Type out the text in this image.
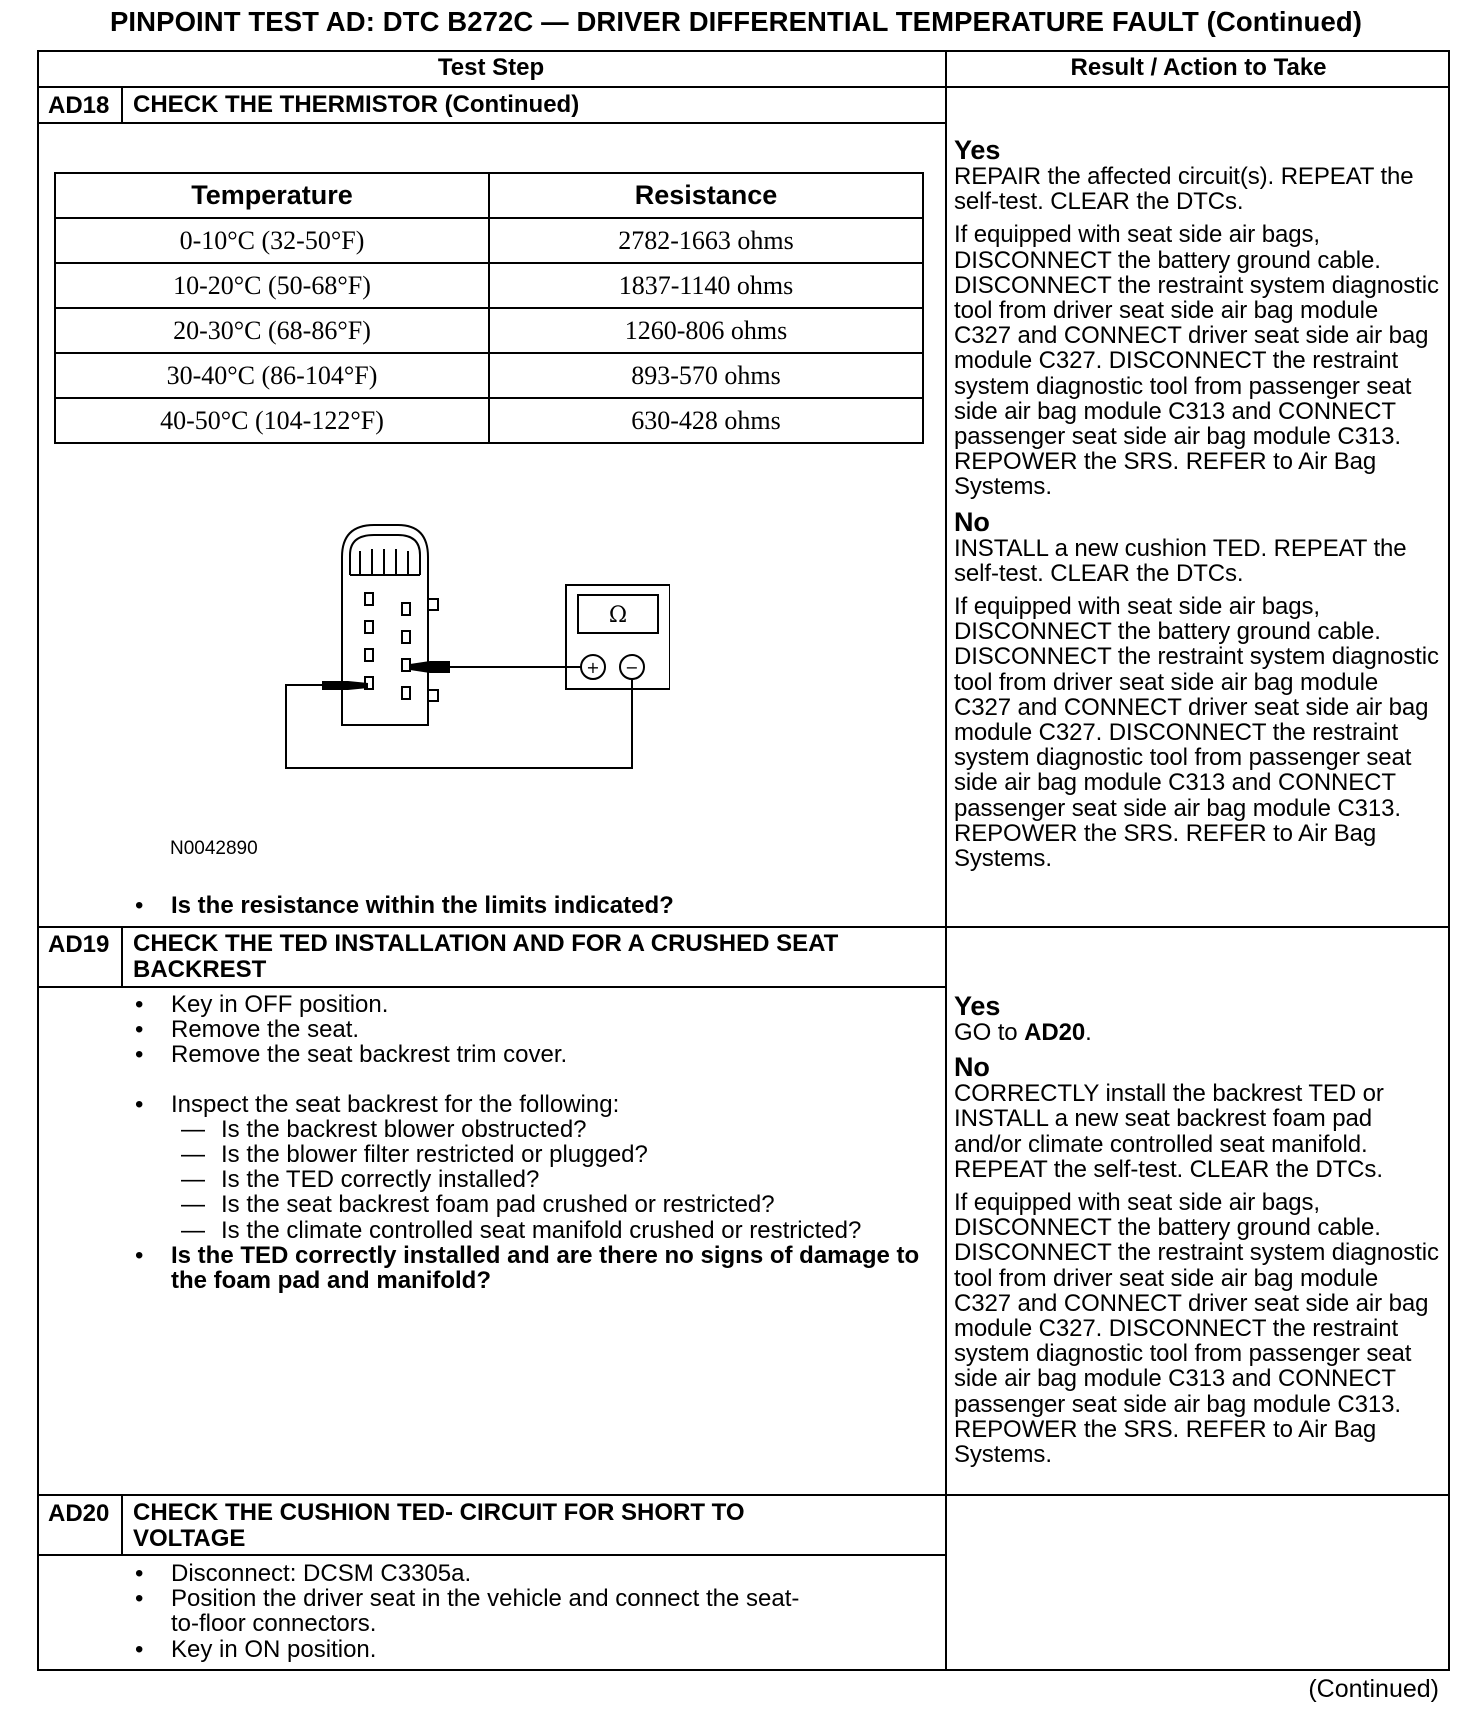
PINPOINT TEST AD: DTC B272C — DRIVER DIFFERENTIAL TEMPERATURE FAULT (Continued)
Test Step	Result / Action to Take
AD18 CHECK THE THERMISTOR (Continued)
Temperature	Resistance
0-10°C (32-50°F)	2782-1663 ohms
10-20°C (50-68°F)	1837-1140 ohms
20-30°C (68-86°F)	1260-806 ohms
30-40°C (86-104°F)	893-570 ohms
40-50°C (104-122°F)	630-428 ohms
Ω
+ −
N0042890
• Is the resistance within the limits indicated?
Yes

REPAIR the affected circuit(s). REPEAT the self-test. CLEAR the DTCs.

If equipped with seat side air bags, DISCONNECT the battery ground cable. DISCONNECT the restraint system diagnostic tool from driver seat side air bag module C327 and CONNECT driver seat side air bag module C327. DISCONNECT the restraint system diagnostic tool from passenger seat side air bag module C313 and CONNECT passenger seat side air bag module C313. REPOWER the SRS. REFER to Air Bag Systems.

No

INSTALL a new cushion TED. REPEAT the self-test. CLEAR the DTCs.

If equipped with seat side air bags, DISCONNECT the battery ground cable. DISCONNECT the restraint system diagnostic tool from driver seat side air bag module C327 and CONNECT driver seat side air bag module C327. DISCONNECT the restraint system diagnostic tool from passenger seat side air bag module C313 and CONNECT passenger seat side air bag module C313. REPOWER the SRS. REFER to Air Bag Systems.

AD19 CHECK THE TED INSTALLATION AND FOR A CRUSHED SEAT BACKREST
• Key in OFF position.
• Remove the seat.
• Remove the seat backrest trim cover.
• Inspect the seat backrest for the following:
— Is the backrest blower obstructed?
— Is the blower filter restricted or plugged?
— Is the TED correctly installed?
— Is the seat backrest foam pad crushed or restricted?
— Is the climate controlled seat manifold crushed or restricted?
• Is the TED correctly installed and are there no signs of damage to the foam pad and manifold?
Yes

GO to AD20.

No

CORRECTLY install the backrest TED or INSTALL a new seat backrest foam pad and/or climate controlled seat manifold. REPEAT the self-test. CLEAR the DTCs.

If equipped with seat side air bags, DISCONNECT the battery ground cable. DISCONNECT the restraint system diagnostic tool from driver seat side air bag module C327 and CONNECT driver seat side air bag module C327. DISCONNECT the restraint system diagnostic tool from passenger seat side air bag module C313 and CONNECT passenger seat side air bag module C313. REPOWER the SRS. REFER to Air Bag Systems.

AD20 CHECK THE CUSHION TED- CIRCUIT FOR SHORT TO VOLTAGE
• Disconnect: DCSM C3305a.
• Position the driver seat in the vehicle and connect the seat-to-floor connectors.
• Key in ON position.
(Continued)
